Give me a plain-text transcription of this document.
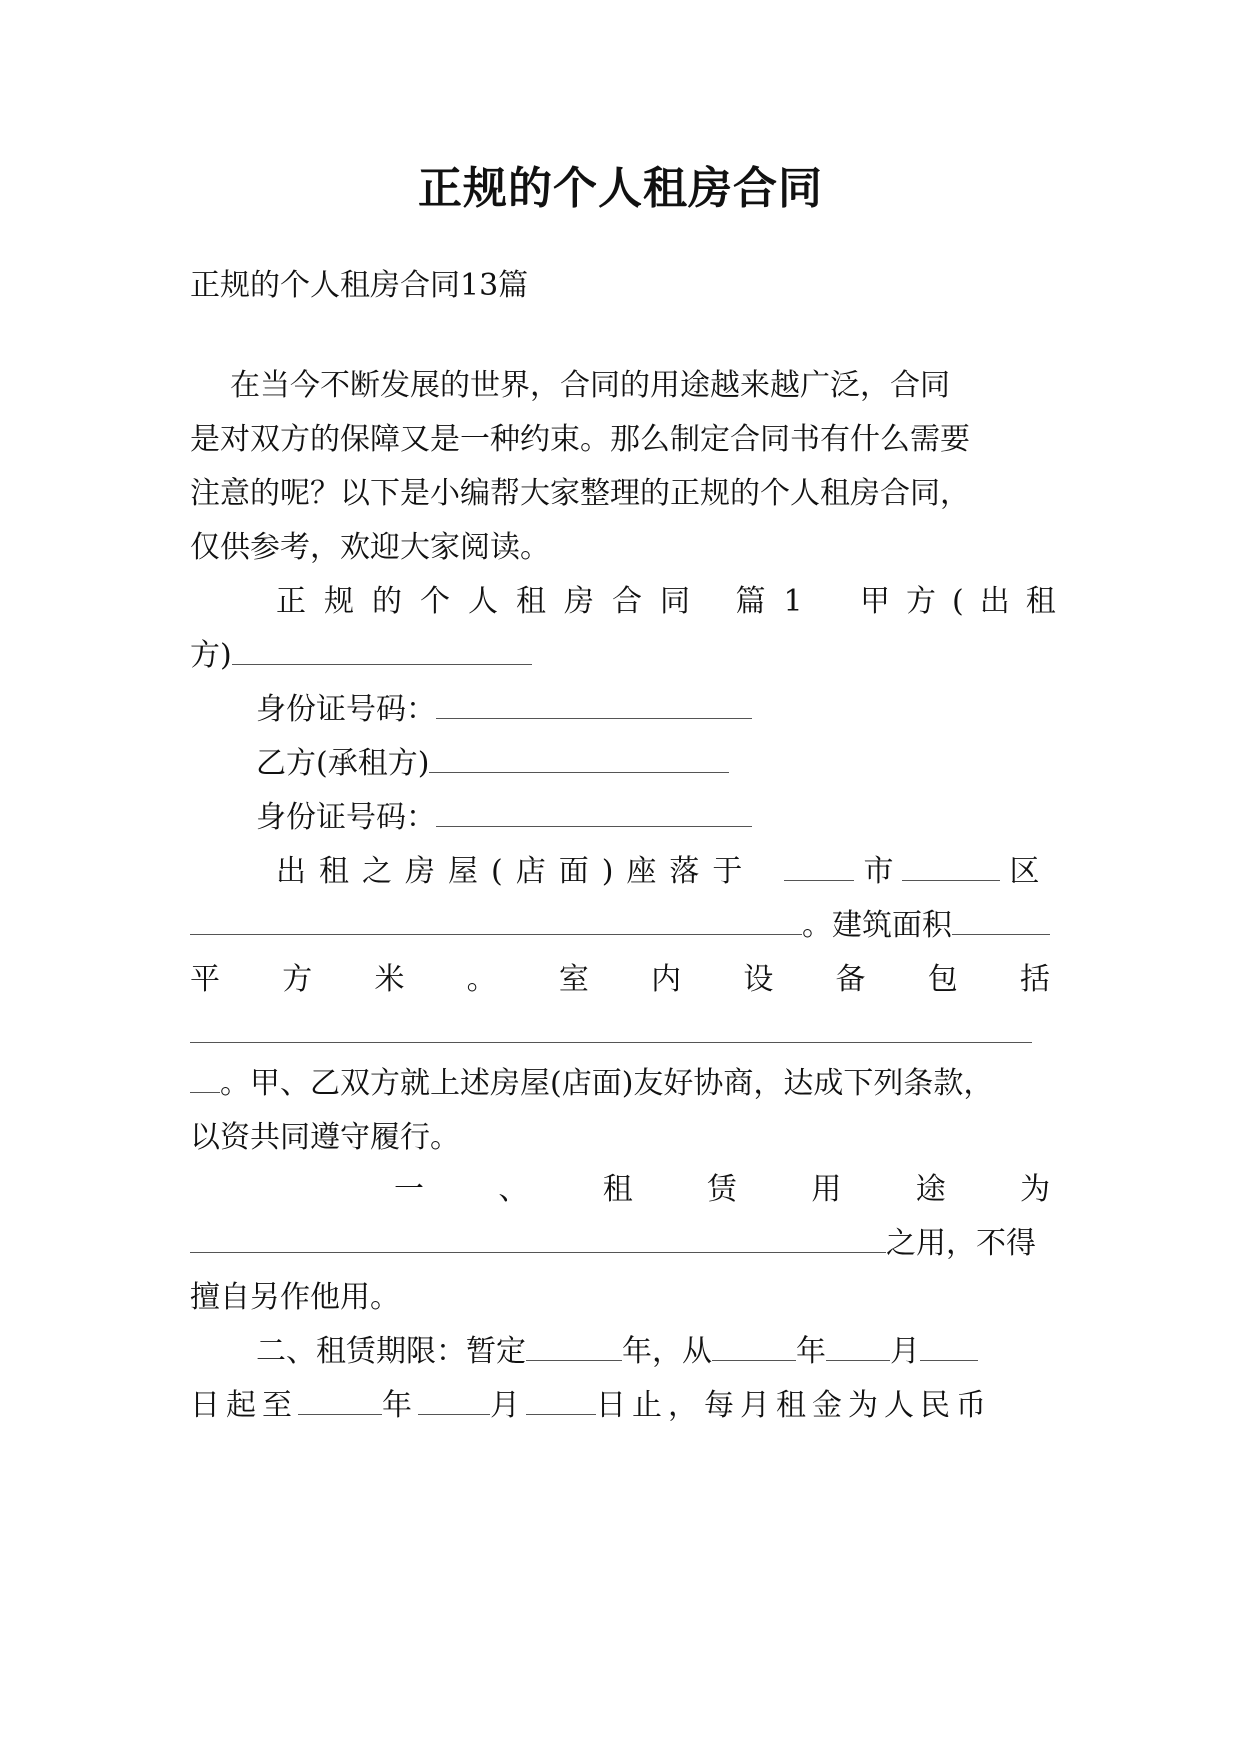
正规的个人租房合同
正规的个人租房合同13篇
在当今不断发展的世界，合同的用途越来越广泛，合同
是对双方的保障又是一种约束。那么制定合同书有什么需要
注意的呢？以下是小编帮大家整理的正规的个人租房合同，
仅供参考，欢迎大家阅读。
正规的个人租房合同 篇1 甲方(出租
方)
身份证号码：
乙方(承租方)
身份证号码：
出租之房屋(店面)座落于	市	区
。建筑面积
平 方 米 。 室 内 设 备 包 括
。甲、乙双方就上述房屋(店面)友好协商，达成下列条款，
以资共同遵守履行。
一 、 租 赁 用 途 为
之用，不得
擅自另作他用。
二、租赁期限：暂定	年，从	年 月
日起至	年 月 日止，每月租金为人民币
